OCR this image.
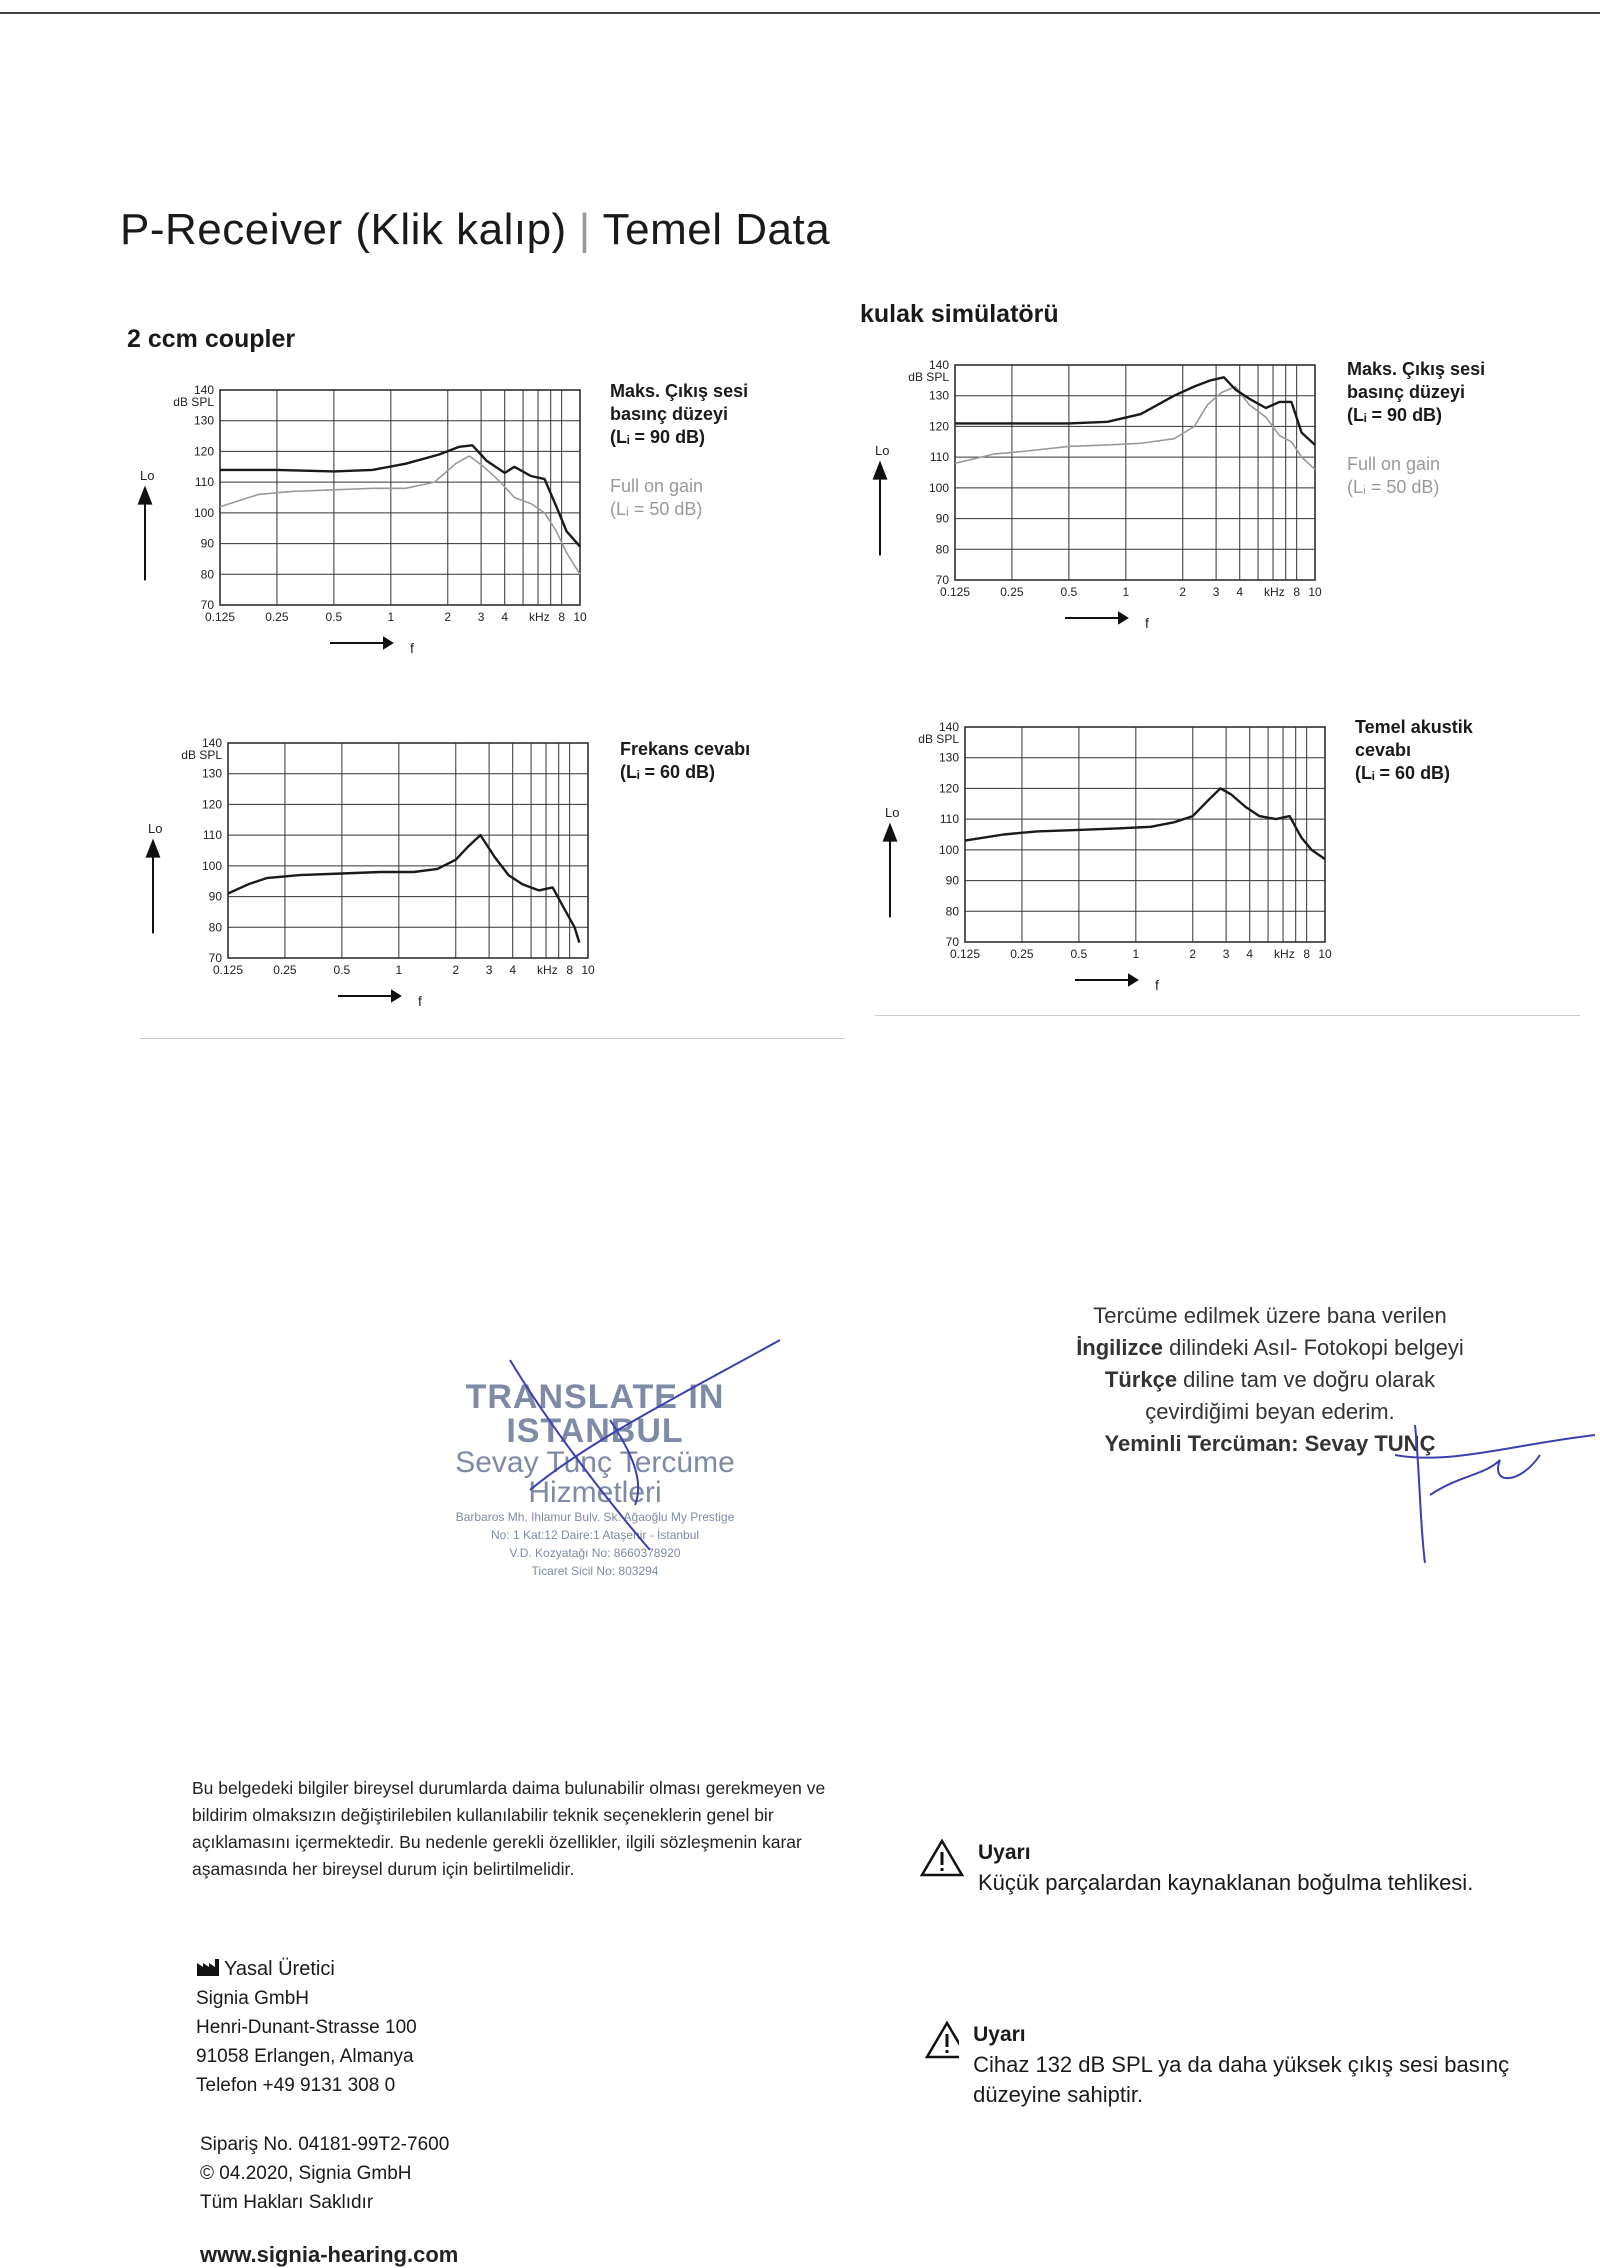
P-Receiver (Klik kalıp) | Temel Data
2 ccm coupler
kulak simülatörü
140
130
120
110
100
90
80
70
dB SPL
Lo
0.125	0.25	0.5	1	2 3 4 kHz 8 10
f
140
130
120
110
100
90
80
70
dB SPL
Lo
0.125	0.25	0.5	1	2 3 4 kHz 8 10
f
140
130
120
110
100
90
80
70
dB SPL
Lo
0.125	0.25	0.5	1	2 3 4 kHz 8 10
f
140
130
120
110
100
90
80
70
dB SPL
Lo
0.125	0.25	0.5	1	2 3 4 kHz 8 10
f
Maks. Çıkış sesi
basınç düzeyi
(Lᵢ = 90 dB)
Full on gain
(Lᵢ = 50 dB)
Maks. Çıkış sesi
basınç düzeyi
(Lᵢ = 90 dB)
Full on gain
(Lᵢ = 50 dB)
Frekans cevabı
(Lᵢ = 60 dB)
Temel akustik
cevabı
(Lᵢ = 60 dB)
TRANSLATE IN ISTANBUL
Sevay Tunç Tercüme Hizmetleri
Barbaros Mh. Ihlamur Bulv. Sk. Ağaoğlu My Prestige
No: 1 Kat:12 Daire:1 Ataşehir - İstanbul
V.D. Kozyatağı No: 8660378920
Ticaret Sicil No: 803294
Tercüme edilmek üzere bana verilen
İngilizce dilindeki Asıl- Fotokopi belgeyi
Türkçe diline tam ve doğru olarak
çevirdiğimi beyan ederim.
Yeminli Tercüman: Sevay TUNÇ
Bu belgedeki bilgiler bireysel durumlarda daima bulunabilir olması gerekmeyen ve bildirim olmaksızın değiştirilebilen kullanılabilir teknik seçeneklerin genel bir açıklamasını içermektedir. Bu nedenle gerekli özellikler, ilgili sözleşmenin karar aşamasında her bireysel durum için belirtilmelidir.
Yasal Üretici
Signia GmbH
Henri-Dunant-Strasse 100
91058 Erlangen, Almanya
Telefon +49 9131 308 0
Sipariş No. 04181-99T2-7600
© 04.2020, Signia GmbH
Tüm Hakları Saklıdır
Uyarı
Küçük parçalardan kaynaklanan boğulma tehlikesi.
Uyarı
Cihaz 132 dB SPL ya da daha yüksek çıkış sesi basınç düzeyine sahiptir.
www.signia-hearing.com
